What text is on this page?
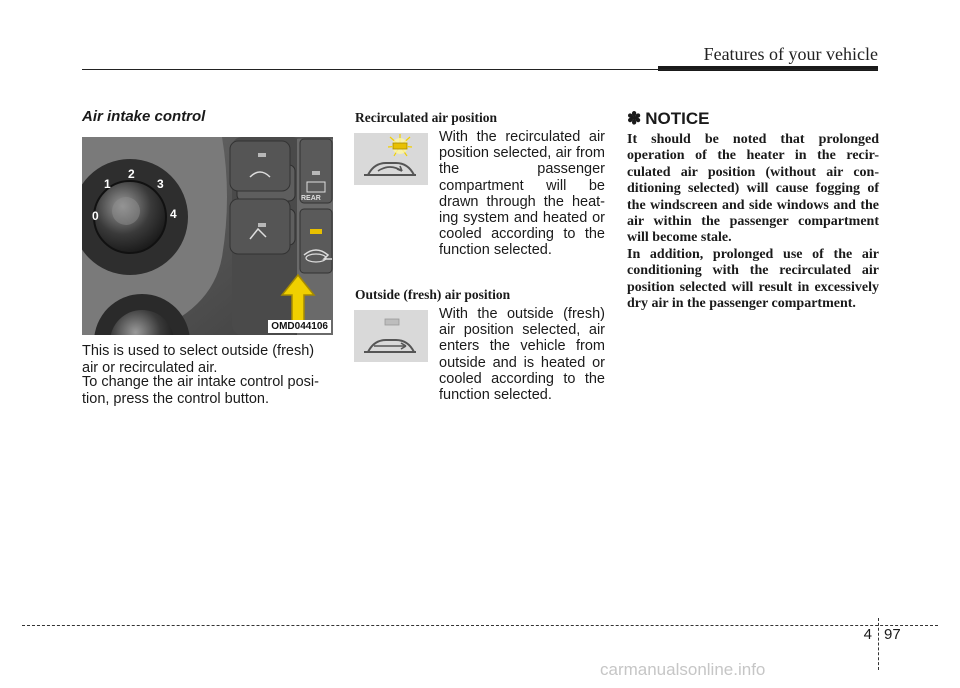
Features of your vehicle
Air intake control
0
1
2
3
4
REAR
OMD044106
This is used to select outside (fresh) air or recirculated air.
To change the air intake control posi-tion, press the control button.
Recirculated air position
With the recirculated air position selected, air from the passenger compartment will be drawn through the heat-ing system and heated or cooled according to the function selected.
Outside (fresh) air position
With the outside (fresh) air position selected, air enters the vehicle from outside and is heated or cooled according to the function selected.
✽ NOTICE

It should be noted that prolonged operation of the heater in the recir-culated air position (without air con-ditioning selected) will cause fogging of the windscreen and side windows and the air within the passenger compartment will become stale.

In addition, prolonged use of the air conditioning with the recirculated air position selected will result in excessively dry air in the passenger compartment.

4 97
carmanualsonline.info
